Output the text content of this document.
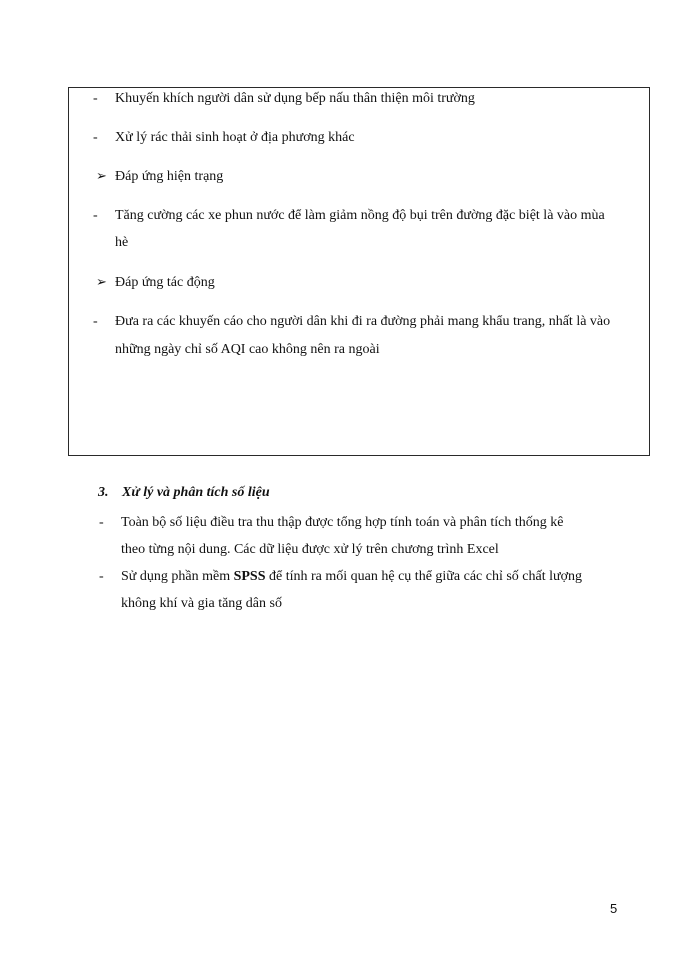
- Khuyến khích người dân sử dụng bếp nấu thân thiện môi trường
- Xử lý rác thải sinh hoạt ở địa phương khác
➢ Đáp ứng hiện trạng
- Tăng cường các xe phun nước để làm giảm nồng độ bụi trên đường đặc biệt là vào mùa
hè
➢ Đáp ứng tác động
- Đưa ra các khuyến cáo cho người dân khi đi ra đường phải mang khẩu trang, nhất là vào
những ngày chỉ số AQI cao không nên ra ngoài
3. Xử lý và phân tích số liệu
- Toàn bộ số liệu điều tra thu thập được tổng hợp tính toán và phân tích thống kê
theo từng nội dung. Các dữ liệu được xử lý trên chương trình Excel
- Sử dụng phần mềm SPSS để tính ra mối quan hệ cụ thể giữa các chỉ số chất lượng
không khí và gia tăng dân số
5
